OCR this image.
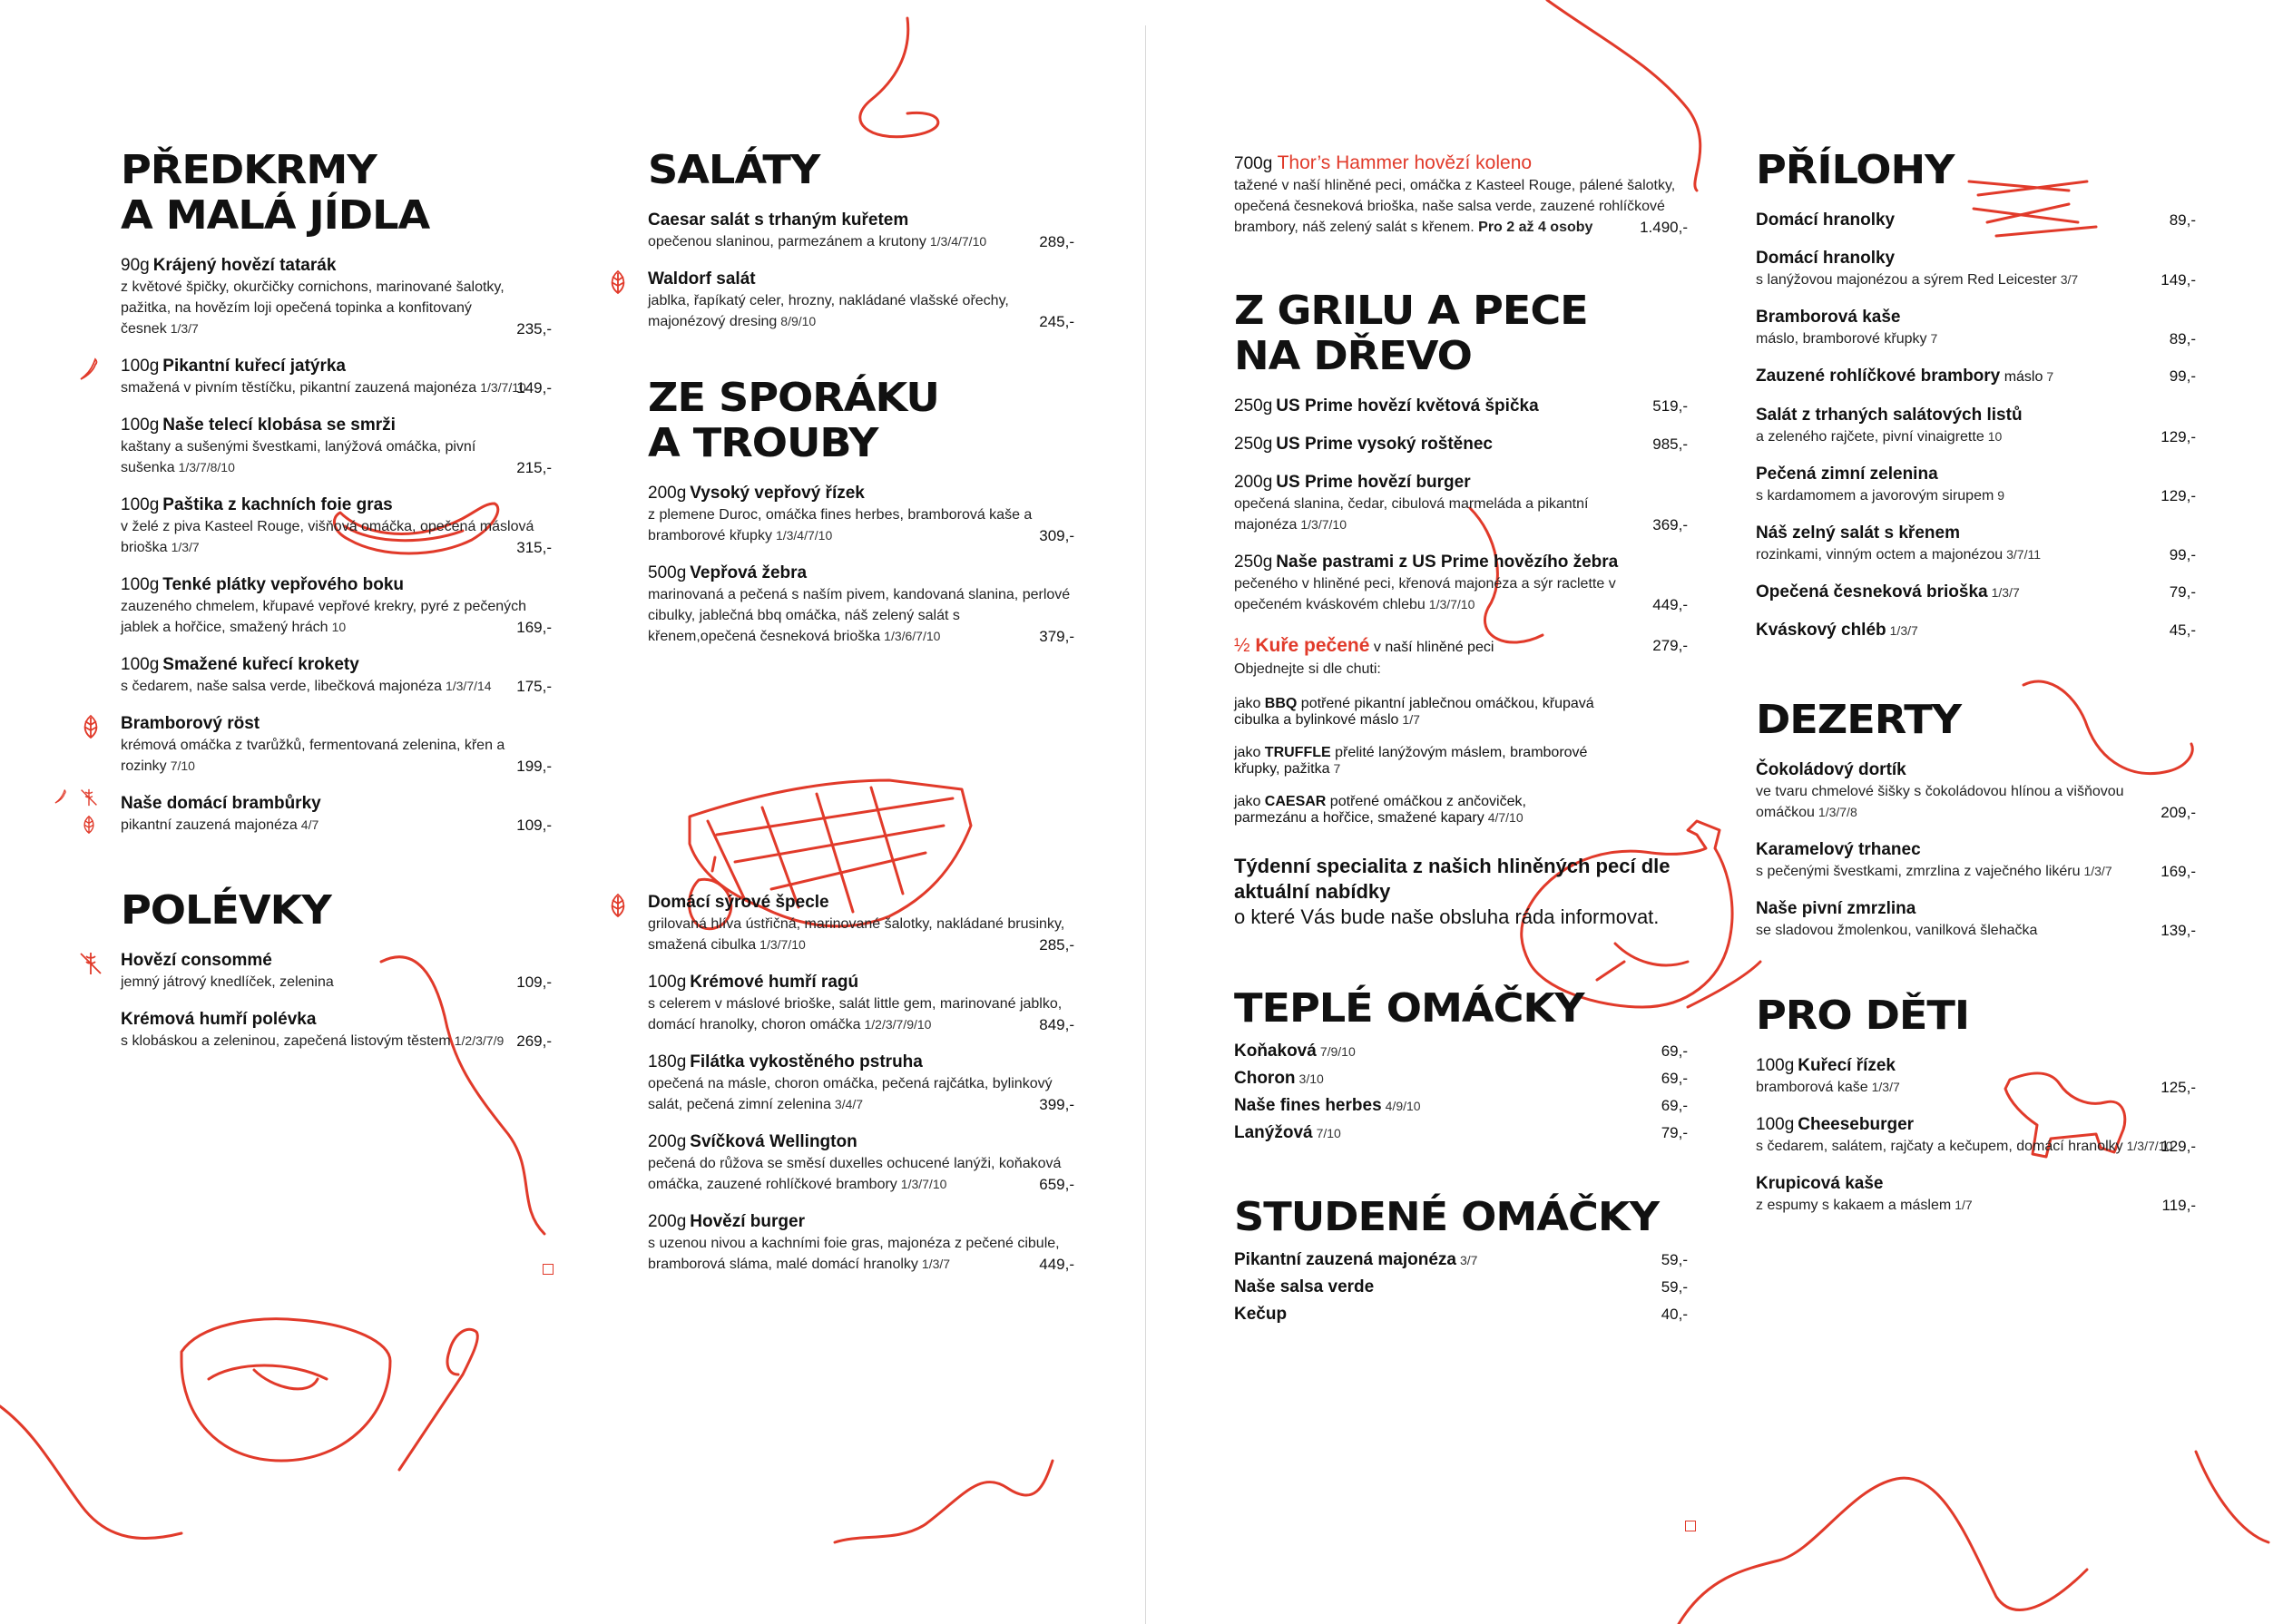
PŘEDKRMY
A MALÁ JÍDLA
90g Krájený hovězí tatarák
z květové špičky, okurčičky cornichons, marinované šalotky, pažitka, na hovězím loji opečená topinka a konfitovaný česnek 1/3/7	235,-
100g Pikantní kuřecí jatýrka
smažená v pivním těstíčku, pikantní zauzená majonéza 1/3/7/10
149,-
100g Naše telecí klobása se smrži
kaštany a sušenými švestkami, lanýžová omáčka, pivní sušenka 1/3/7/8/10	215,-
100g Paštika z kachních foie gras
v želé z piva Kasteel Rouge, višňová omáčka, opečená máslová brioška 1/3/7	315,-
100g Tenké plátky vepřového boku
zauzeného chmelem, křupavé vepřové krekry, pyré z pečených jablek a hořčice, smažený hrách 10	169,-
100g Smažené kuřecí krokety
s čedarem, naše salsa verde, libečková majonéza 1/3/7/14	175,-
Bramborový röst
krémová omáčka z tvarůžků, fermentovaná zelenina, křen a rozinky 7/10	199,-
Naše domácí brambůrky
pikantní zauzená majonéza 4/7	109,-
POLÉVKY
Hovězí consommé
jemný játrový knedlíček, zelenina	109,-
Krémová humří polévka
s klobáskou a zeleninou, zapečená listovým těstem 1/2/3/7/9 269,-
SALÁTY
Caesar salát s trhaným kuřetem
opečenou slaninou, parmezánem a krutony 1/3/4/7/10	289,-
Waldorf salát
jablka, řapíkatý celer, hrozny, nakládané vlašské ořechy, majonézový dresing 8/9/10	245,-
ZE SPORÁKU
A TROUBY
200g Vysoký vepřový řízek
z plemene Duroc, omáčka fines herbes, bramborová kaše a bramborové křupky 1/3/4/7/10	309,-
500g Vepřová žebra
marinovaná a pečená s naším pivem, kandovaná slanina, perlové cibulky, jablečná bbq omáčka, náš zelený salát s křenem,opečená česneková brioška 1/3/6/7/10	379,-
Domácí sýrové špecle
grilovaná hlíva ústřičná, marinované šalotky, nakládané brusinky, smažená cibulka 1/3/7/10	285,-
100g Krémové humří ragú
s celerem v máslové brioške, salát little gem, marinované jablko, domácí hranolky, choron omáčka 1/2/3/7/9/10	849,-
180g Filátka vykostěného pstruha
opečená na másle, choron omáčka, pečená rajčátka, bylinkový salát, pečená zimní zelenina 3/4/7	399,-
200g Svíčková Wellington
pečená do růžova se směsí duxelles ochucené lanýži, koňaková omáčka, zauzené rohlíčkové brambory 1/3/7/10	659,-
200g Hovězí burger
s uzenou nivou a kachními foie gras, majonéza z pečené cibule, bramborová sláma, malé domácí hranolky 1/3/7	449,-
700g Thor’s Hammer hovězí koleno
tažené v naší hliněné peci, omáčka z Kasteel Rouge, pálené šalotky, opečená česneková brioška, naše salsa verde, zauzené rohlíčkové brambory, náš zelený salát s křenem. Pro 2 až 4 osoby	1.490,-
Z GRILU A PECE
NA DŘEVO
250g US Prime hovězí květová špička	519,-
250g US Prime vysoký roštěnec	985,-
200g US Prime hovězí burger
opečená slanina, čedar, cibulová marmeláda a pikantní majonéza 1/3/7/10	369,-
250g Naše pastrami z US Prime hovězího žebra
pečeného v hliněné peci, křenová majonéza a sýr raclette v opečeném kváskovém chlebu 1/3/7/10	449,-
½ Kuře pečené v naší hliněné peci
Objednejte si dle chuti:
279,-
jako BBQ potřené pikantní jablečnou omáčkou, křupavá cibulka a bylinkové máslo 1/7
jako TRUFFLE přelité lanýžovým máslem, bramborové křupky, pažitka 7
jako CAESAR potřené omáčkou z ančoviček, parmezánu a hořčice, smažené kapary 4/7/10
Týdenní specialita z našich hliněných pecí dle aktuální nabídky
o které Vás bude naše obsluha ráda informovat.
TEPLÉ OMÁČKY
Koňaková 7/9/10	69,-
Choron 3/10	69,-
Naše fines herbes 4/9/10	69,-
Lanýžová 7/10	79,-
STUDENÉ OMÁČKY
Pikantní zauzená majonéza 3/7	59,-
Naše salsa verde	59,-
Kečup	40,-
PŘÍLOHY
Domácí hranolky	89,-
Domácí hranolky
s lanýžovou majonézou a sýrem Red Leicester 3/7	149,-
Bramborová kaše
máslo, bramborové křupky 7	89,-
Zauzené rohlíčkové brambory máslo 7	99,-
Salát z trhaných salátových listů
a zeleného rajčete, pivní vinaigrette 10	129,-
Pečená zimní zelenina
s kardamomem a javorovým sirupem 9	129,-
Náš zelný salát s křenem
rozinkami, vinným octem a majonézou 3/7/11	99,-
Opečená česneková brioška 1/3/7	79,-
Kváskový chléb 1/3/7	45,-
DEZERTY
Čokoládový dortík
ve tvaru chmelové šišky s čokoládovou hlínou a višňovou omáčkou 1/3/7/8	209,-
Karamelový trhanec
s pečenými švestkami, zmrzlina z vaječného likéru 1/3/7	169,-
Naše pivní zmrzlina
se sladovou žmolenkou, vanilková šlehačka	139,-
PRO DĚTI
100g Kuřecí řízek
bramborová kaše 1/3/7	125,-
100g Cheeseburger
s čedarem, salátem, rajčaty a kečupem, domácí hranolky 1/3/7/10
129,-
Krupicová kaše
z espumy s kakaem a máslem 1/7	119,-
